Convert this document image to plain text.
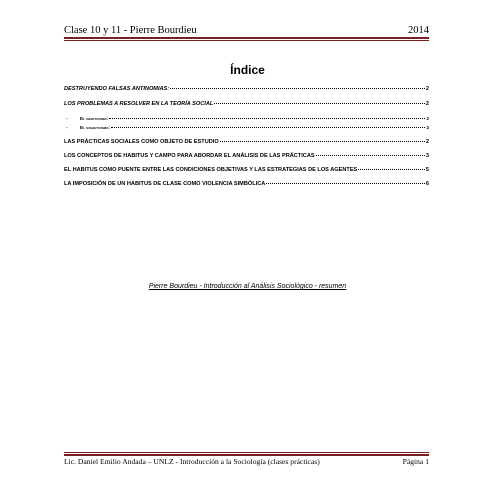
Clase 10 y 11 - Pierre Bourdieu	2014
Índice
DESTRUYENDO FALSAS ANTINOMIAS:	2
LOS PROBLEMAS A RESOLVER EN LA TEORÍA SOCIAL	2
-	El objetivismo:	2
-	El subjetivismo:	2
LAS PRÁCTICAS SOCIALES COMO OBJETO DE ESTUDIO	2
LOS CONCEPTOS DE HABITUS Y CAMPO PARA ABORDAR EL ANÁLISIS DE LAS PRÁCTICAS	3
EL HABITUS COMO PUENTE ENTRE LAS CONDICIONES OBJETIVAS Y LAS ESTRATEGIAS DE LOS AGENTES	5
LA IMPOSICIÓN DE UN HABITUS DE CLASE COMO VIOLENCIA SIMBÓLICA	6
Pierre Bourdieu - Introducción al Análisis Sociológico - resumen
Lic. Daniel Emilio Andada – UNLZ - Introducción a la Sociología (clases prácticas)	Página 1
